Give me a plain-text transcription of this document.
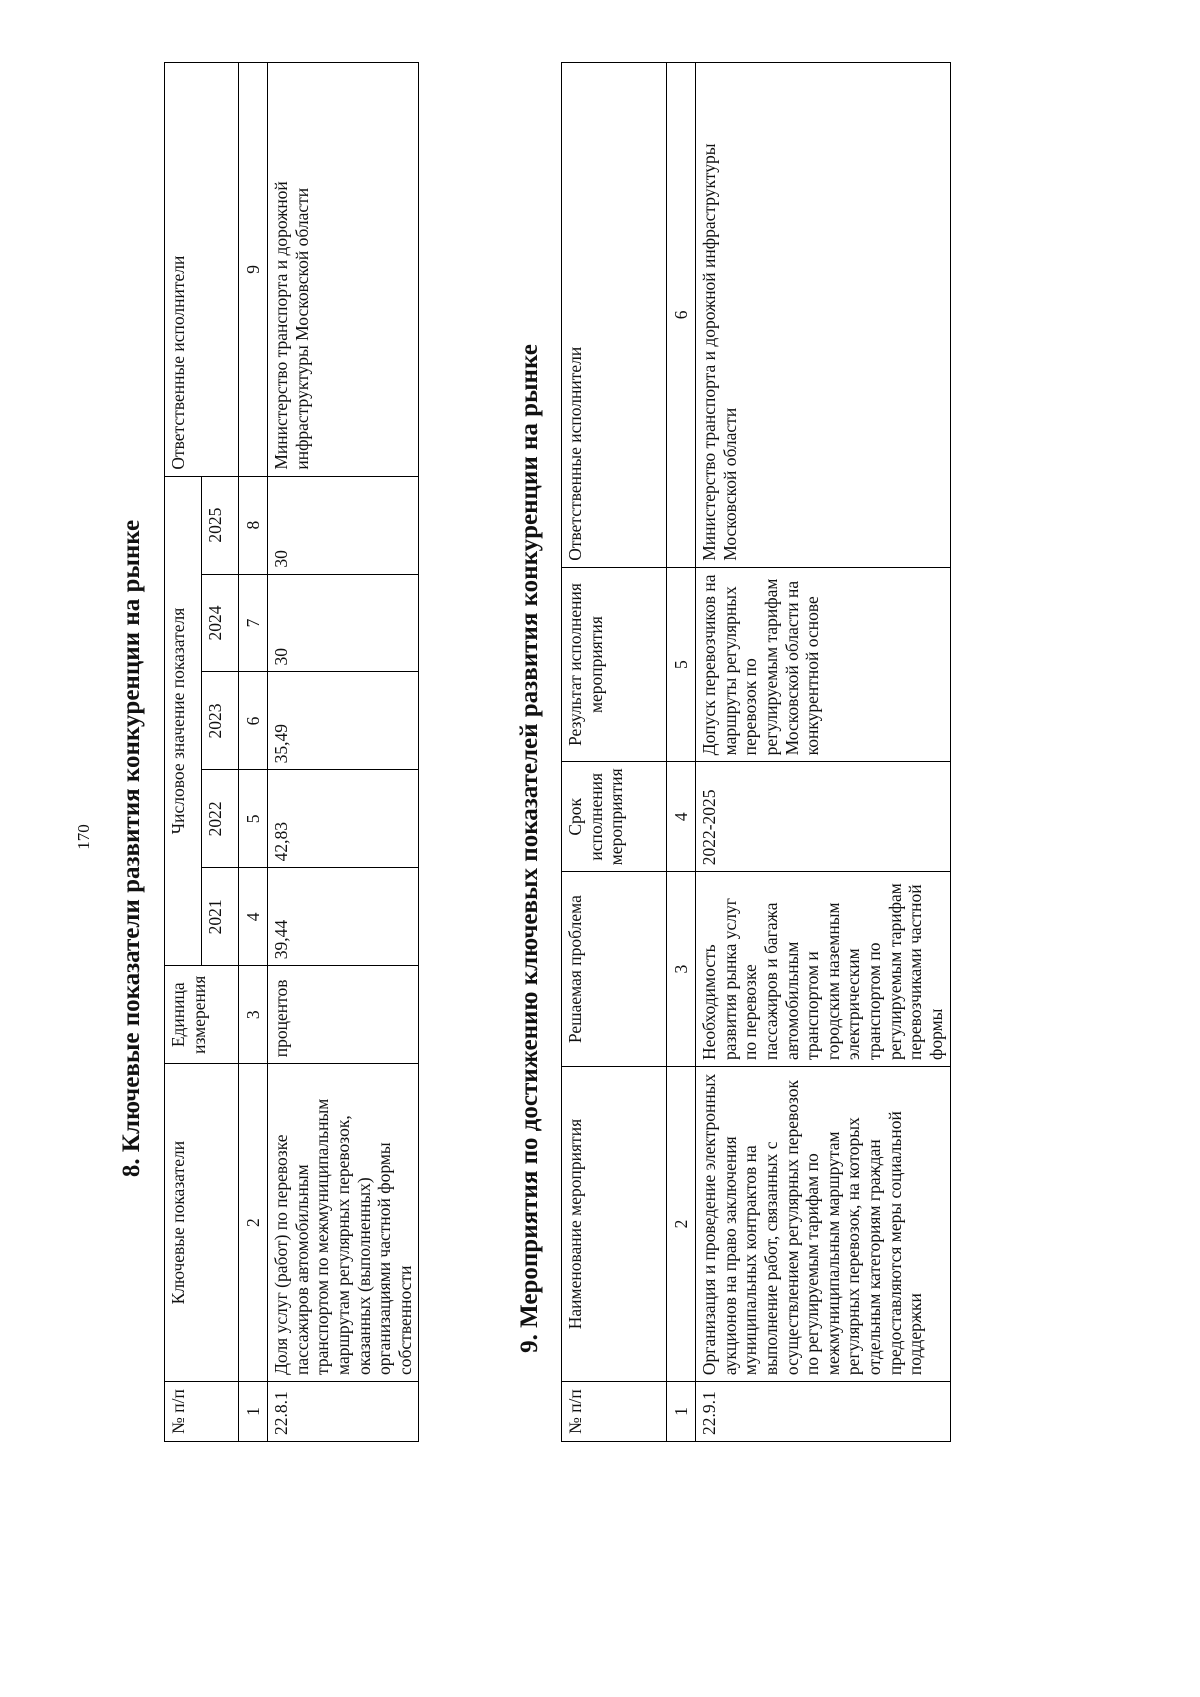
170 8. Ключевые показатели развития конкуренции на рынке
№ п/п	Ключевые показатели	Единица измерения	Числовое значение показателя					Ответственные исполнители
			2021	2022	2023	2024	2025	
1	2	3	4	5	6	7	8	9
22.8.1	Доля услуг (работ) по перевозке пассажиров автомобильным транспортом по межмуниципальным маршрутам регулярных перевозок, оказанных (выполненных) организациями частной формы собственности	процентов	39,44	42,83	35,49	30	30	Министерство транспорта и дорожной инфраструктуры Московской области
9. Мероприятия по достижению ключевых показателей развития конкуренции на рынке
№ п/п	Наименование мероприятия	Решаемая проблема	Срок исполнения мероприятия	Результат исполнения мероприятия	Ответственные исполнители
1	2	3	4	5	6
22.9.1	Организация и проведение электронных аукционов на право заключения муниципальных контрактов на выполнение работ, связанных с осуществлением регулярных перевозок по регулируемым тарифам по межмуниципальным маршрутам регулярных перевозок, на которых отдельным категориям граждан предоставляются меры социальной поддержки	Необходимость развития рынка услуг по перевозке пассажиров и багажа автомобильным транспортом и городским наземным электрическим транспортом по регулируемым тарифам перевозчиками частной формы	2022-2025	Допуск перевозчиков на маршруты регулярных перевозок по регулируемым тарифам Московской области на конкурентной основе	Министерство транспорта и дорожной инфраструктуры Московской области
